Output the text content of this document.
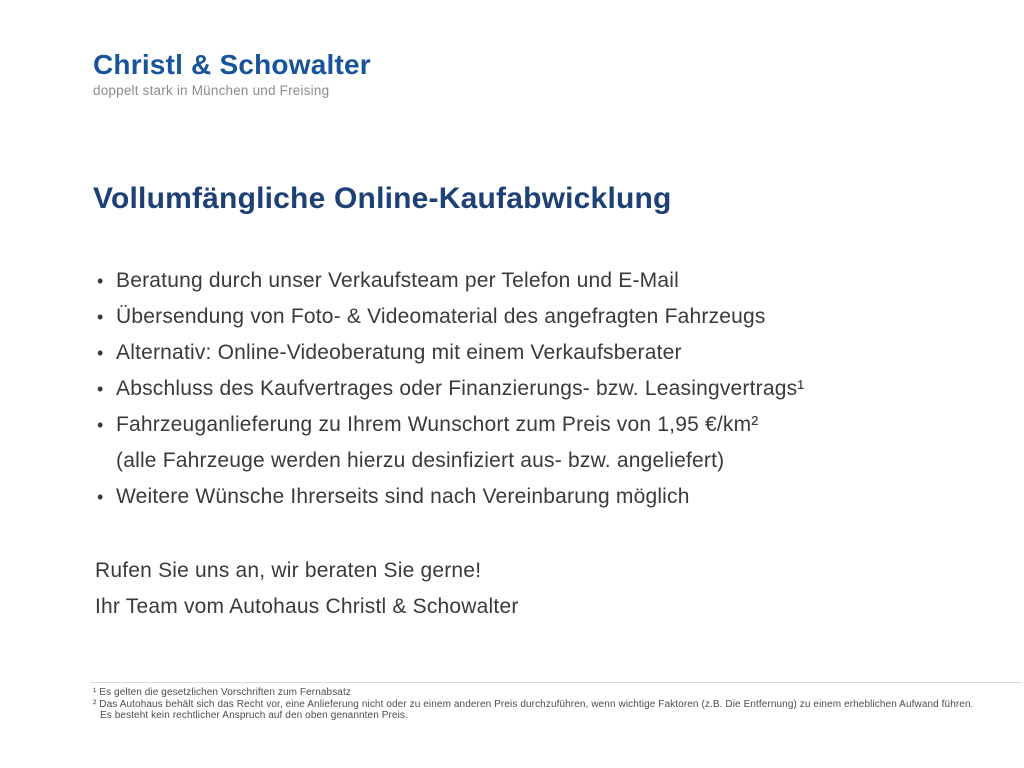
Christl & Schowalter
doppelt stark in München und Freising
Vollumfängliche Online-Kaufabwicklung
• Beratung durch unser Verkaufsteam per Telefon und E-Mail
• Übersendung von Foto- & Videomaterial des angefragten Fahrzeugs
• Alternativ: Online-Videoberatung mit einem Verkaufsberater
• Abschluss des Kaufvertrages oder Finanzierungs- bzw. Leasingvertrags¹
• Fahrzeuganlieferung zu Ihrem Wunschort zum Preis von 1,95 €/km²
(alle Fahrzeuge werden hierzu desinfiziert aus- bzw. angeliefert)
• Weitere Wünsche Ihrerseits sind nach Vereinbarung möglich
Rufen Sie uns an, wir beraten Sie gerne!
Ihr Team vom Autohaus Christl & Schowalter
¹ Es gelten die gesetzlichen Vorschriften zum Fernabsatz
² Das Autohaus behält sich das Recht vor, eine Anlieferung nicht oder zu einem anderen Preis durchzuführen, wenn wichtige Faktoren (z.B. Die Entfernung) zu einem erheblichen Aufwand führen.
Es besteht kein rechtlicher Anspruch auf den oben genannten Preis.
